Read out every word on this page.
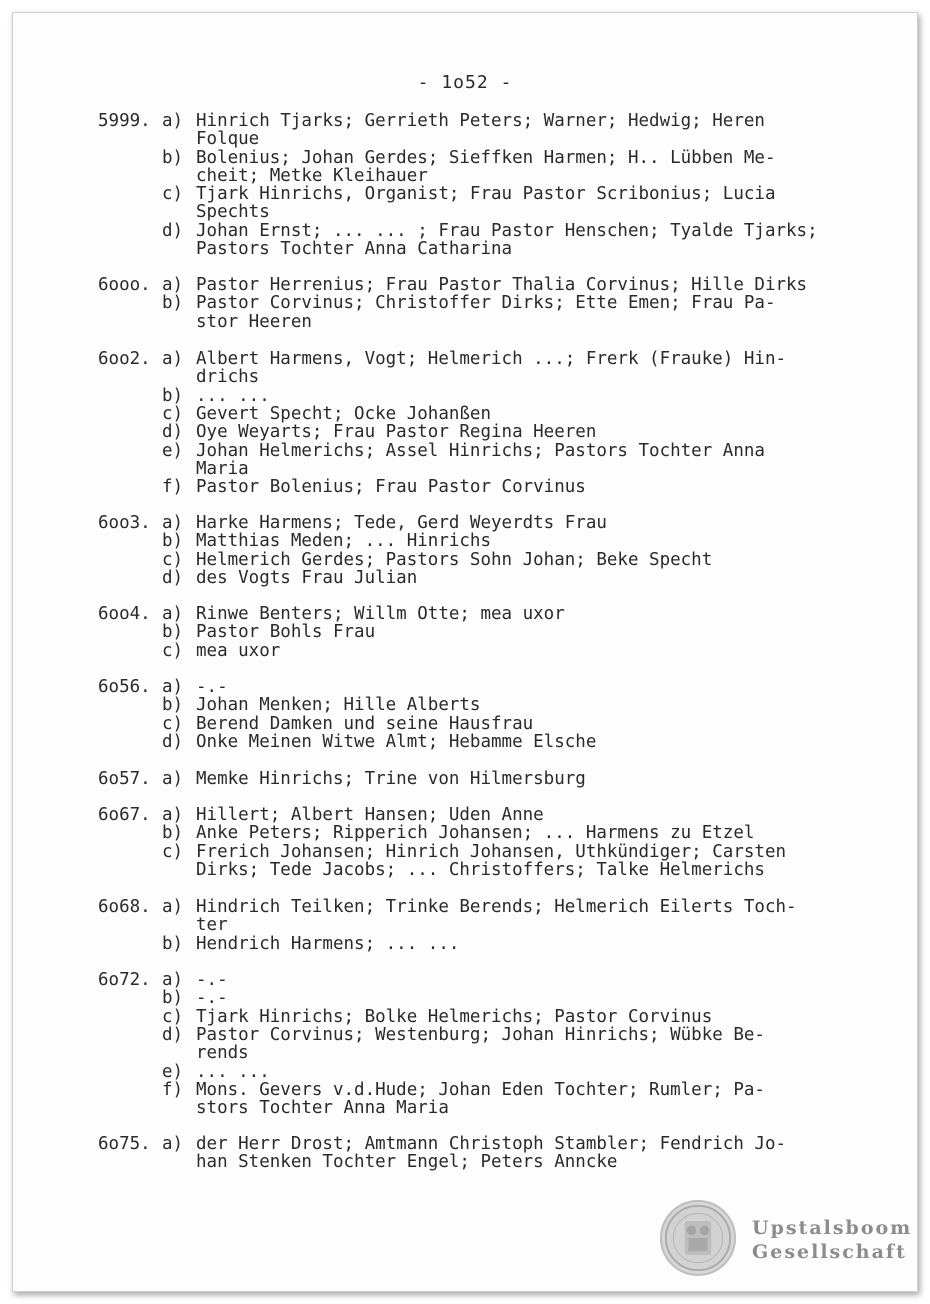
- 1o52 -
5999. a) Hinrich Tjarks; Gerrieth Peters; Warner; Hedwig; Heren
Folque
b) Bolenius; Johan Gerdes; Sieffken Harmen; H.. Lübben Me-
cheit; Metke Kleihauer
c) Tjark Hinrichs, Organist; Frau Pastor Scribonius; Lucia
Spechts
d) Johan Ernst; ... ... ; Frau Pastor Henschen; Tyalde Tjarks;
Pastors Tochter Anna Catharina
6ooo. a) Pastor Herrenius; Frau Pastor Thalia Corvinus; Hille Dirks
b) Pastor Corvinus; Christoffer Dirks; Ette Emen; Frau Pa-
stor Heeren
6oo2. a) Albert Harmens, Vogt; Helmerich ...; Frerk (Frauke) Hin-
drichs
b) ... ...
c) Gevert Specht; Ocke Johanßen
d) Oye Weyarts; Frau Pastor Regina Heeren
e) Johan Helmerichs; Assel Hinrichs; Pastors Tochter Anna
Maria
f) Pastor Bolenius; Frau Pastor Corvinus
6oo3. a) Harke Harmens; Tede, Gerd Weyerdts Frau
b) Matthias Meden; ... Hinrichs
c) Helmerich Gerdes; Pastors Sohn Johan; Beke Specht
d) des Vogts Frau Julian
6oo4. a) Rinwe Benters; Willm Otte; mea uxor
b) Pastor Bohls Frau
c) mea uxor
6o56. a) -.-
b) Johan Menken; Hille Alberts
c) Berend Damken und seine Hausfrau
d) Onke Meinen Witwe Almt; Hebamme Elsche
6o57. a) Memke Hinrichs; Trine von Hilmersburg
6o67. a) Hillert; Albert Hansen; Uden Anne
b) Anke Peters; Ripperich Johansen; ... Harmens zu Etzel
c) Frerich Johansen; Hinrich Johansen, Uthkündiger; Carsten
Dirks; Tede Jacobs; ... Christoffers; Talke Helmerichs
6o68. a) Hindrich Teilken; Trinke Berends; Helmerich Eilerts Toch-
ter
b) Hendrich Harmens; ... ...
6o72. a) -.-
b) -.-
c) Tjark Hinrichs; Bolke Helmerichs; Pastor Corvinus
d) Pastor Corvinus; Westenburg; Johan Hinrichs; Wübke Be-
rends
e) ... ...
f) Mons. Gevers v.d.Hude; Johan Eden Tochter; Rumler; Pa-
stors Tochter Anna Maria
6o75. a) der Herr Drost; Amtmann Christoph Stambler; Fendrich Jo-
han Stenken Tochter Engel; Peters Anncke
Upstalsboom
Gesellschaft
